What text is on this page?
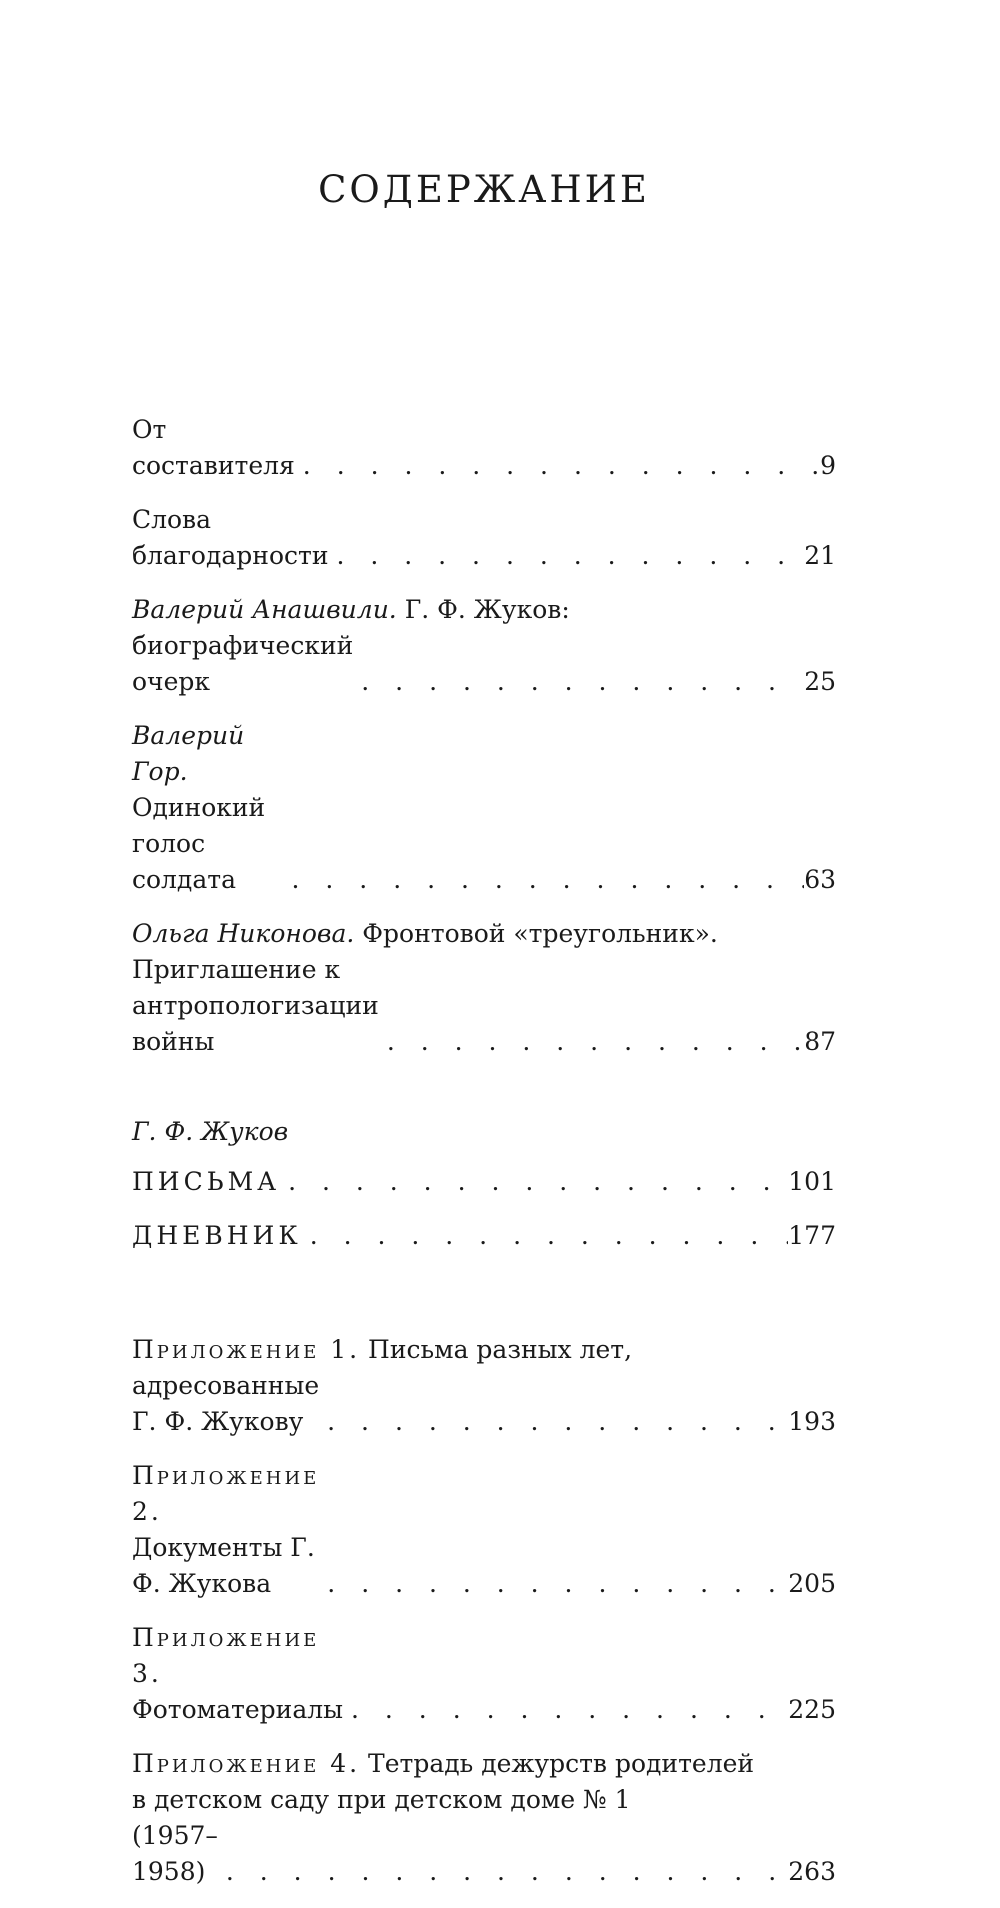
СОДЕРЖАНИЕ
От составителя . . .	9
Слова благодарности . . .	21
Валерий Анашвили. Г. Ф. Жуков:
биографический очерк . . .	25
Валерий Гор. Одинокий голос солдата . . .	63
Ольга Никонова. Фронтовой «треугольник».
Приглашение к антропологизации войны . . .	87
Г. Ф. Жуков
ПИСЬМА . . .	101
ДНЕВНИК . . .	177
Приложение 1. Письма разных лет,
адресованные Г. Ф. Жукову . . .	193
Приложение 2. Документы Г. Ф. Жукова . . .	205
Приложение 3. Фотоматериалы . . .	225
Приложение 4. Тетрадь дежурств родителей
в детском саду при детском доме № 1
(1957–1958) . . .	263
